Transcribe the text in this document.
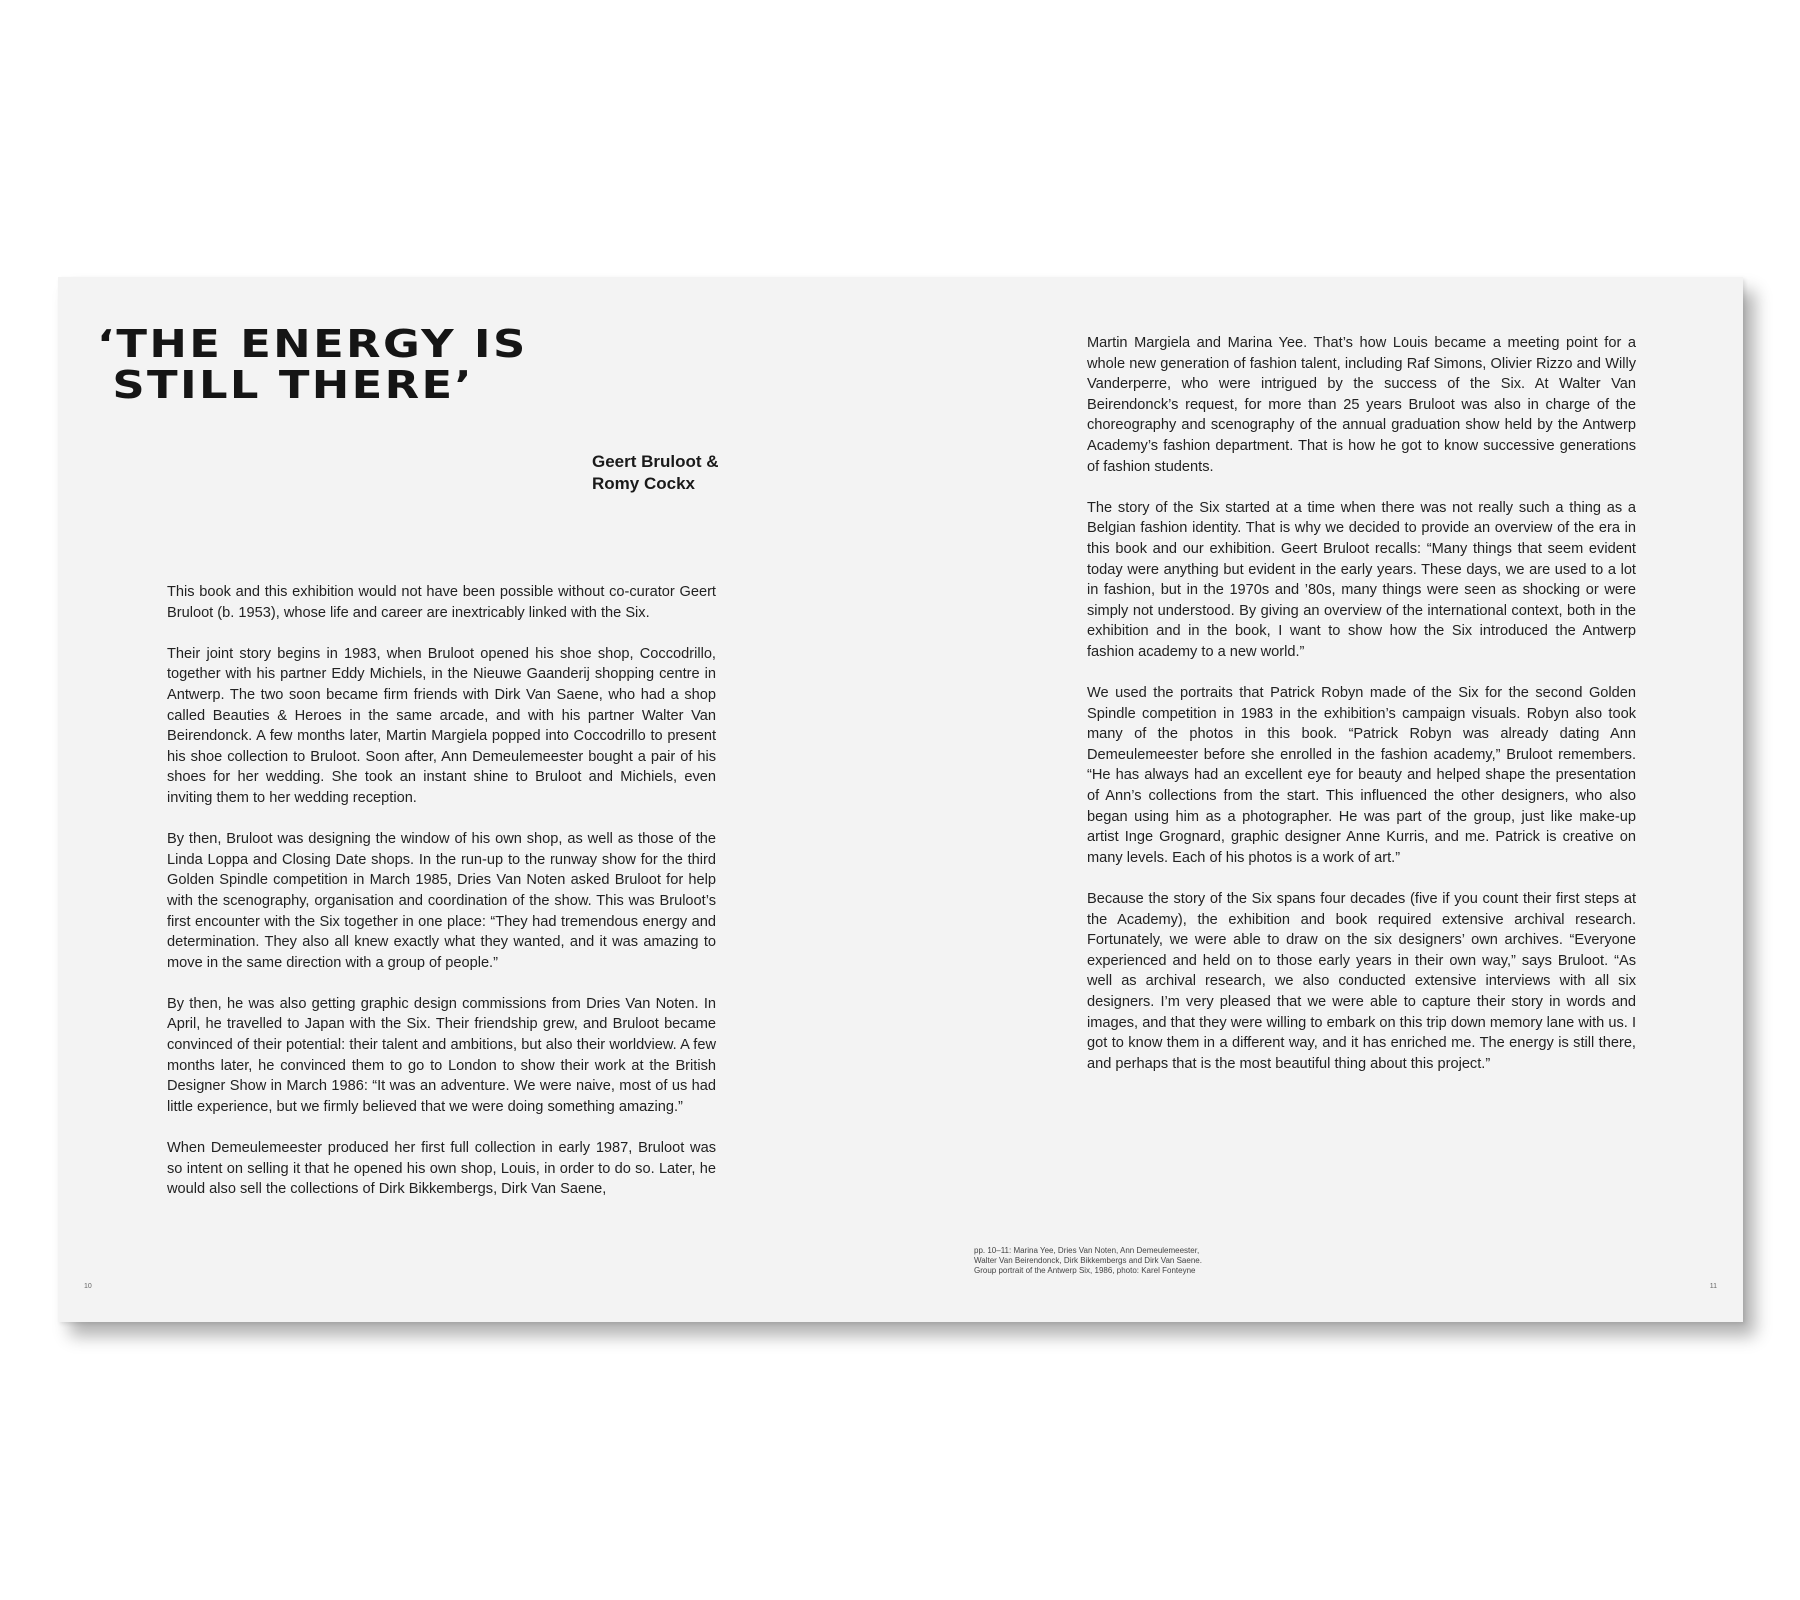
‘THE ENERGY IS
STILL THERE’
Geert Bruloot &
Romy Cockx

This book and this exhibition would not have been possible without co-curator Geert Bruloot (b. 1953), whose life and career are inextricably linked with the Six.

Their joint story begins in 1983, when Bruloot opened his shoe shop, Coccodrillo, together with his partner Eddy Michiels, in the Nieuwe Gaanderij shopping centre in Antwerp. The two soon became firm friends with Dirk Van Saene, who had a shop called Beauties & Heroes in the same arcade, and with his partner Walter Van Beirendonck. A few months later, Martin Margiela popped into Coccodrillo to present his shoe collection to Bruloot. Soon after, Ann Demeulemeester bought a pair of his shoes for her wedding. She took an instant shine to Bruloot and Michiels, even inviting them to her wedding reception.

By then, Bruloot was designing the window of his own shop, as well as those of the Linda Loppa and Closing Date shops. In the run-up to the runway show for the third Golden Spindle competition in March 1985, Dries Van Noten asked Bruloot for help with the scenography, organisation and coordination of the show. This was Bruloot’s first encounter with the Six together in one place: “They had tremendous energy and determination. They also all knew exactly what they wanted, and it was amazing to move in the same direction with a group of people.”

By then, he was also getting graphic design commissions from Dries Van Noten. In April, he travelled to Japan with the Six. Their friendship grew, and Bruloot became convinced of their potential: their talent and ambitions, but also their worldview. A few months later, he convinced them to go to London to show their work at the British Designer Show in March 1986: “It was an adventure. We were naive, most of us had little experience, but we firmly believed that we were doing something amazing.”

When Demeulemeester produced her first full collection in early 1987, Bruloot was so intent on selling it that he opened his own shop, Louis, in order to do so. Later, he would also sell the collections of Dirk Bikkembergs, Dirk Van Saene,

Martin Margiela and Marina Yee. That’s how Louis became a meeting point for a whole new generation of fashion talent, including Raf Simons, Olivier Rizzo and Willy Vanderperre, who were intrigued by the success of the Six. At Walter Van Beirendonck’s request, for more than 25 years Bruloot was also in charge of the choreography and scenography of the annual graduation show held by the Antwerp Academy’s fashion department. That is how he got to know successive generations of fashion students.

The story of the Six started at a time when there was not really such a thing as a Belgian fashion identity. That is why we decided to provide an overview of the era in this book and our exhibition. Geert Bruloot recalls: “Many things that seem evident today were anything but evident in the early years. These days, we are used to a lot in fashion, but in the 1970s and ’80s, many things were seen as shocking or were simply not understood. By giving an overview of the international context, both in the exhibition and in the book, I want to show how the Six introduced the Antwerp fashion academy to a new world.”

We used the portraits that Patrick Robyn made of the Six for the second Golden Spindle competition in 1983 in the exhibition’s campaign visuals. Robyn also took many of the photos in this book. “Patrick Robyn was already dating Ann Demeulemeester before she enrolled in the fashion academy,” Bruloot remembers. “He has always had an excellent eye for beauty and helped shape the presentation of Ann’s collections from the start. This influenced the other designers, who also began using him as a photographer. He was part of the group, just like make-up artist Inge Grognard, graphic designer Anne Kurris, and me. Patrick is creative on many levels. Each of his photos is a work of art.”

Because the story of the Six spans four decades (five if you count their first steps at the Academy), the exhibition and book required extensive archival research. Fortunately, we were able to draw on the six designers’ own archives. “Everyone experienced and held on to those early years in their own way,” says Bruloot. “As well as archival research, we also conducted extensive interviews with all six designers. I’m very pleased that we were able to capture their story in words and images, and that they were willing to embark on this trip down memory lane with us. I got to know them in a different way, and it has enriched me. The energy is still there, and perhaps that is the most beautiful thing about this project.”

pp. 10–11: Marina Yee, Dries Van Noten, Ann Demeulemeester,
Walter Van Beirendonck, Dirk Bikkembergs and Dirk Van Saene.
Group portrait of the Antwerp Six, 1986, photo: Karel Fonteyne
10	11
